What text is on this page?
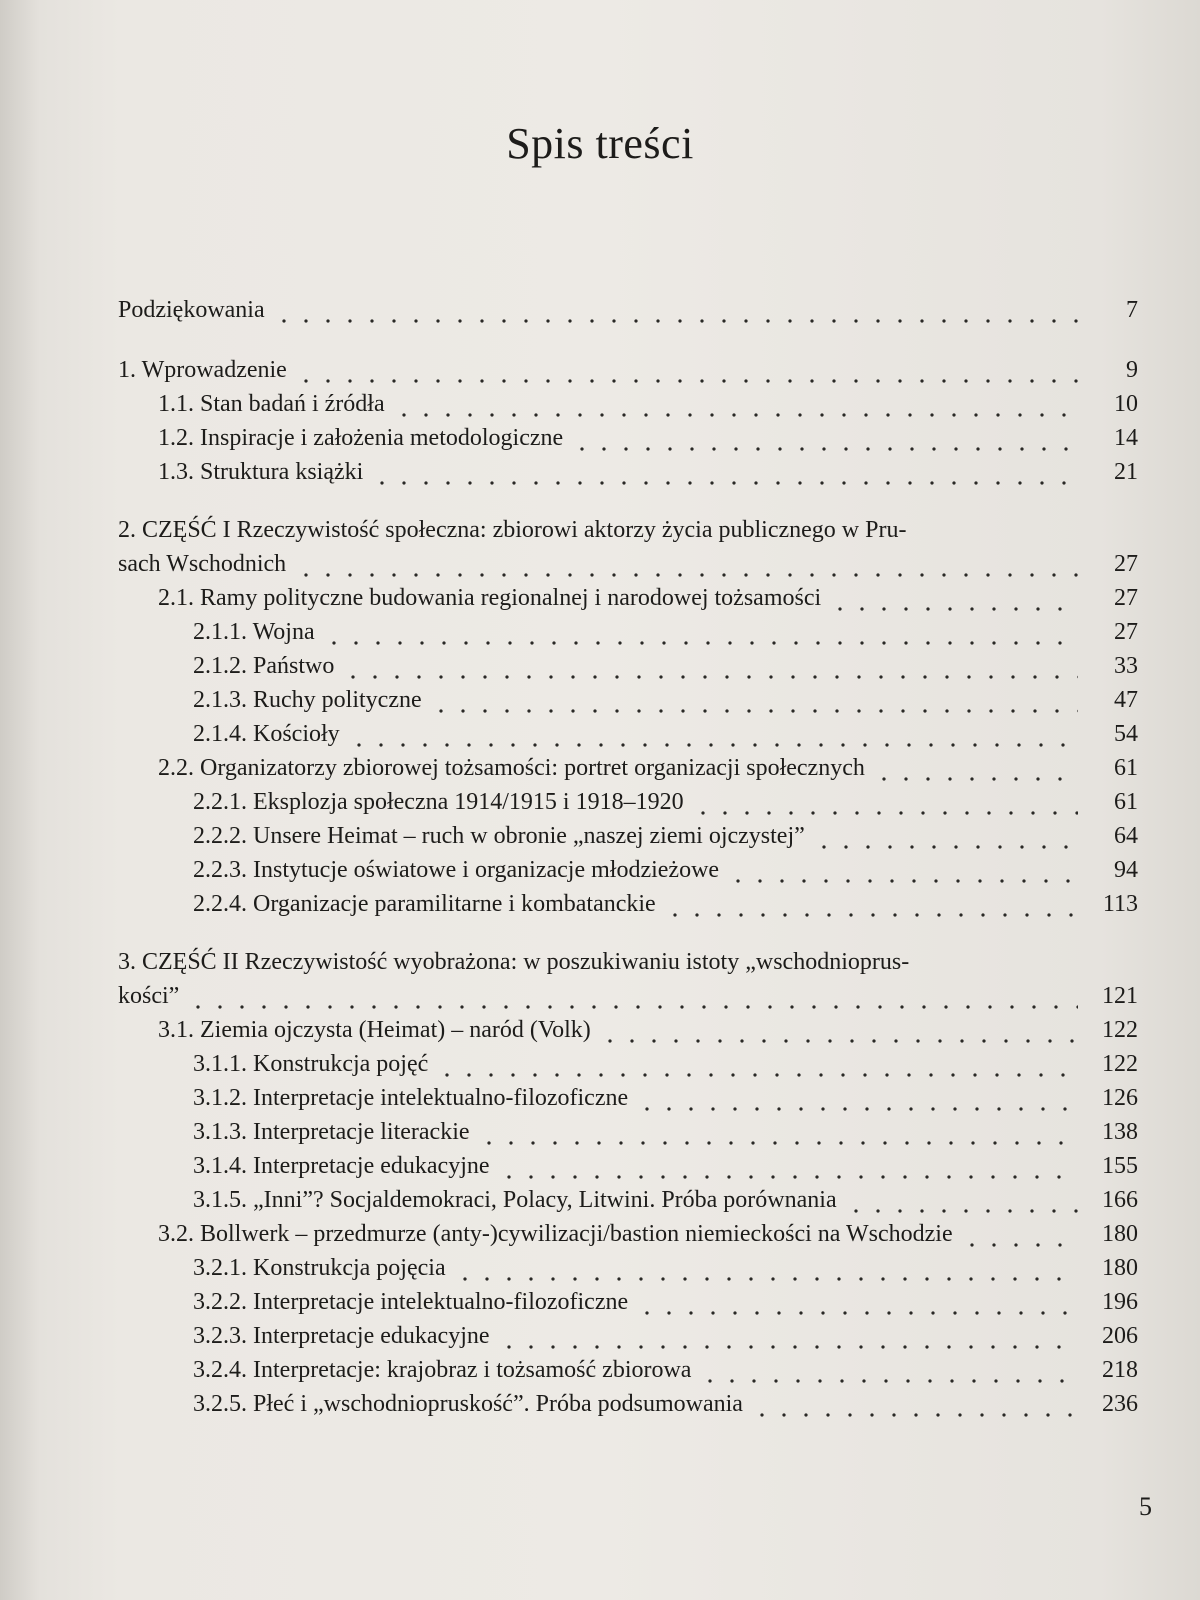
Spis treści
Podziękowania	7
1. Wprowadzenie	9
1.1. Stan badań i źródła	10
1.2. Inspiracje i założenia metodologiczne	14
1.3. Struktura książki	21
2. CZĘŚĆ I Rzeczywistość społeczna: zbiorowi aktorzy życia publicznego w Pru-
sach Wschodnich	27
2.1. Ramy polityczne budowania regionalnej i narodowej tożsamości	27
2.1.1. Wojna	27
2.1.2. Państwo	33
2.1.3. Ruchy polityczne	47
2.1.4. Kościoły	54
2.2. Organizatorzy zbiorowej tożsamości: portret organizacji społecznych	61
2.2.1. Eksplozja społeczna 1914/1915 i 1918–1920	61
2.2.2. Unsere Heimat – ruch w obronie „naszej ziemi ojczystej”	64
2.2.3. Instytucje oświatowe i organizacje młodzieżowe	94
2.2.4. Organizacje paramilitarne i kombatanckie	113
3. CZĘŚĆ II Rzeczywistość wyobrażona: w poszukiwaniu istoty „wschodnioprus-
kości”	121
3.1. Ziemia ojczysta (Heimat) – naród (Volk)	122
3.1.1. Konstrukcja pojęć	122
3.1.2. Interpretacje intelektualno-filozoficzne	126
3.1.3. Interpretacje literackie	138
3.1.4. Interpretacje edukacyjne	155
3.1.5. „Inni”? Socjaldemokraci, Polacy, Litwini. Próba porównania	166
3.2. Bollwerk – przedmurze (anty-)cywilizacji/bastion niemieckości na Wschodzie	180
3.2.1. Konstrukcja pojęcia	180
3.2.2. Interpretacje intelektualno-filozoficzne	196
3.2.3. Interpretacje edukacyjne	206
3.2.4. Interpretacje: krajobraz i tożsamość zbiorowa	218
3.2.5. Płeć i „wschodniopruskość”. Próba podsumowania	236
5
